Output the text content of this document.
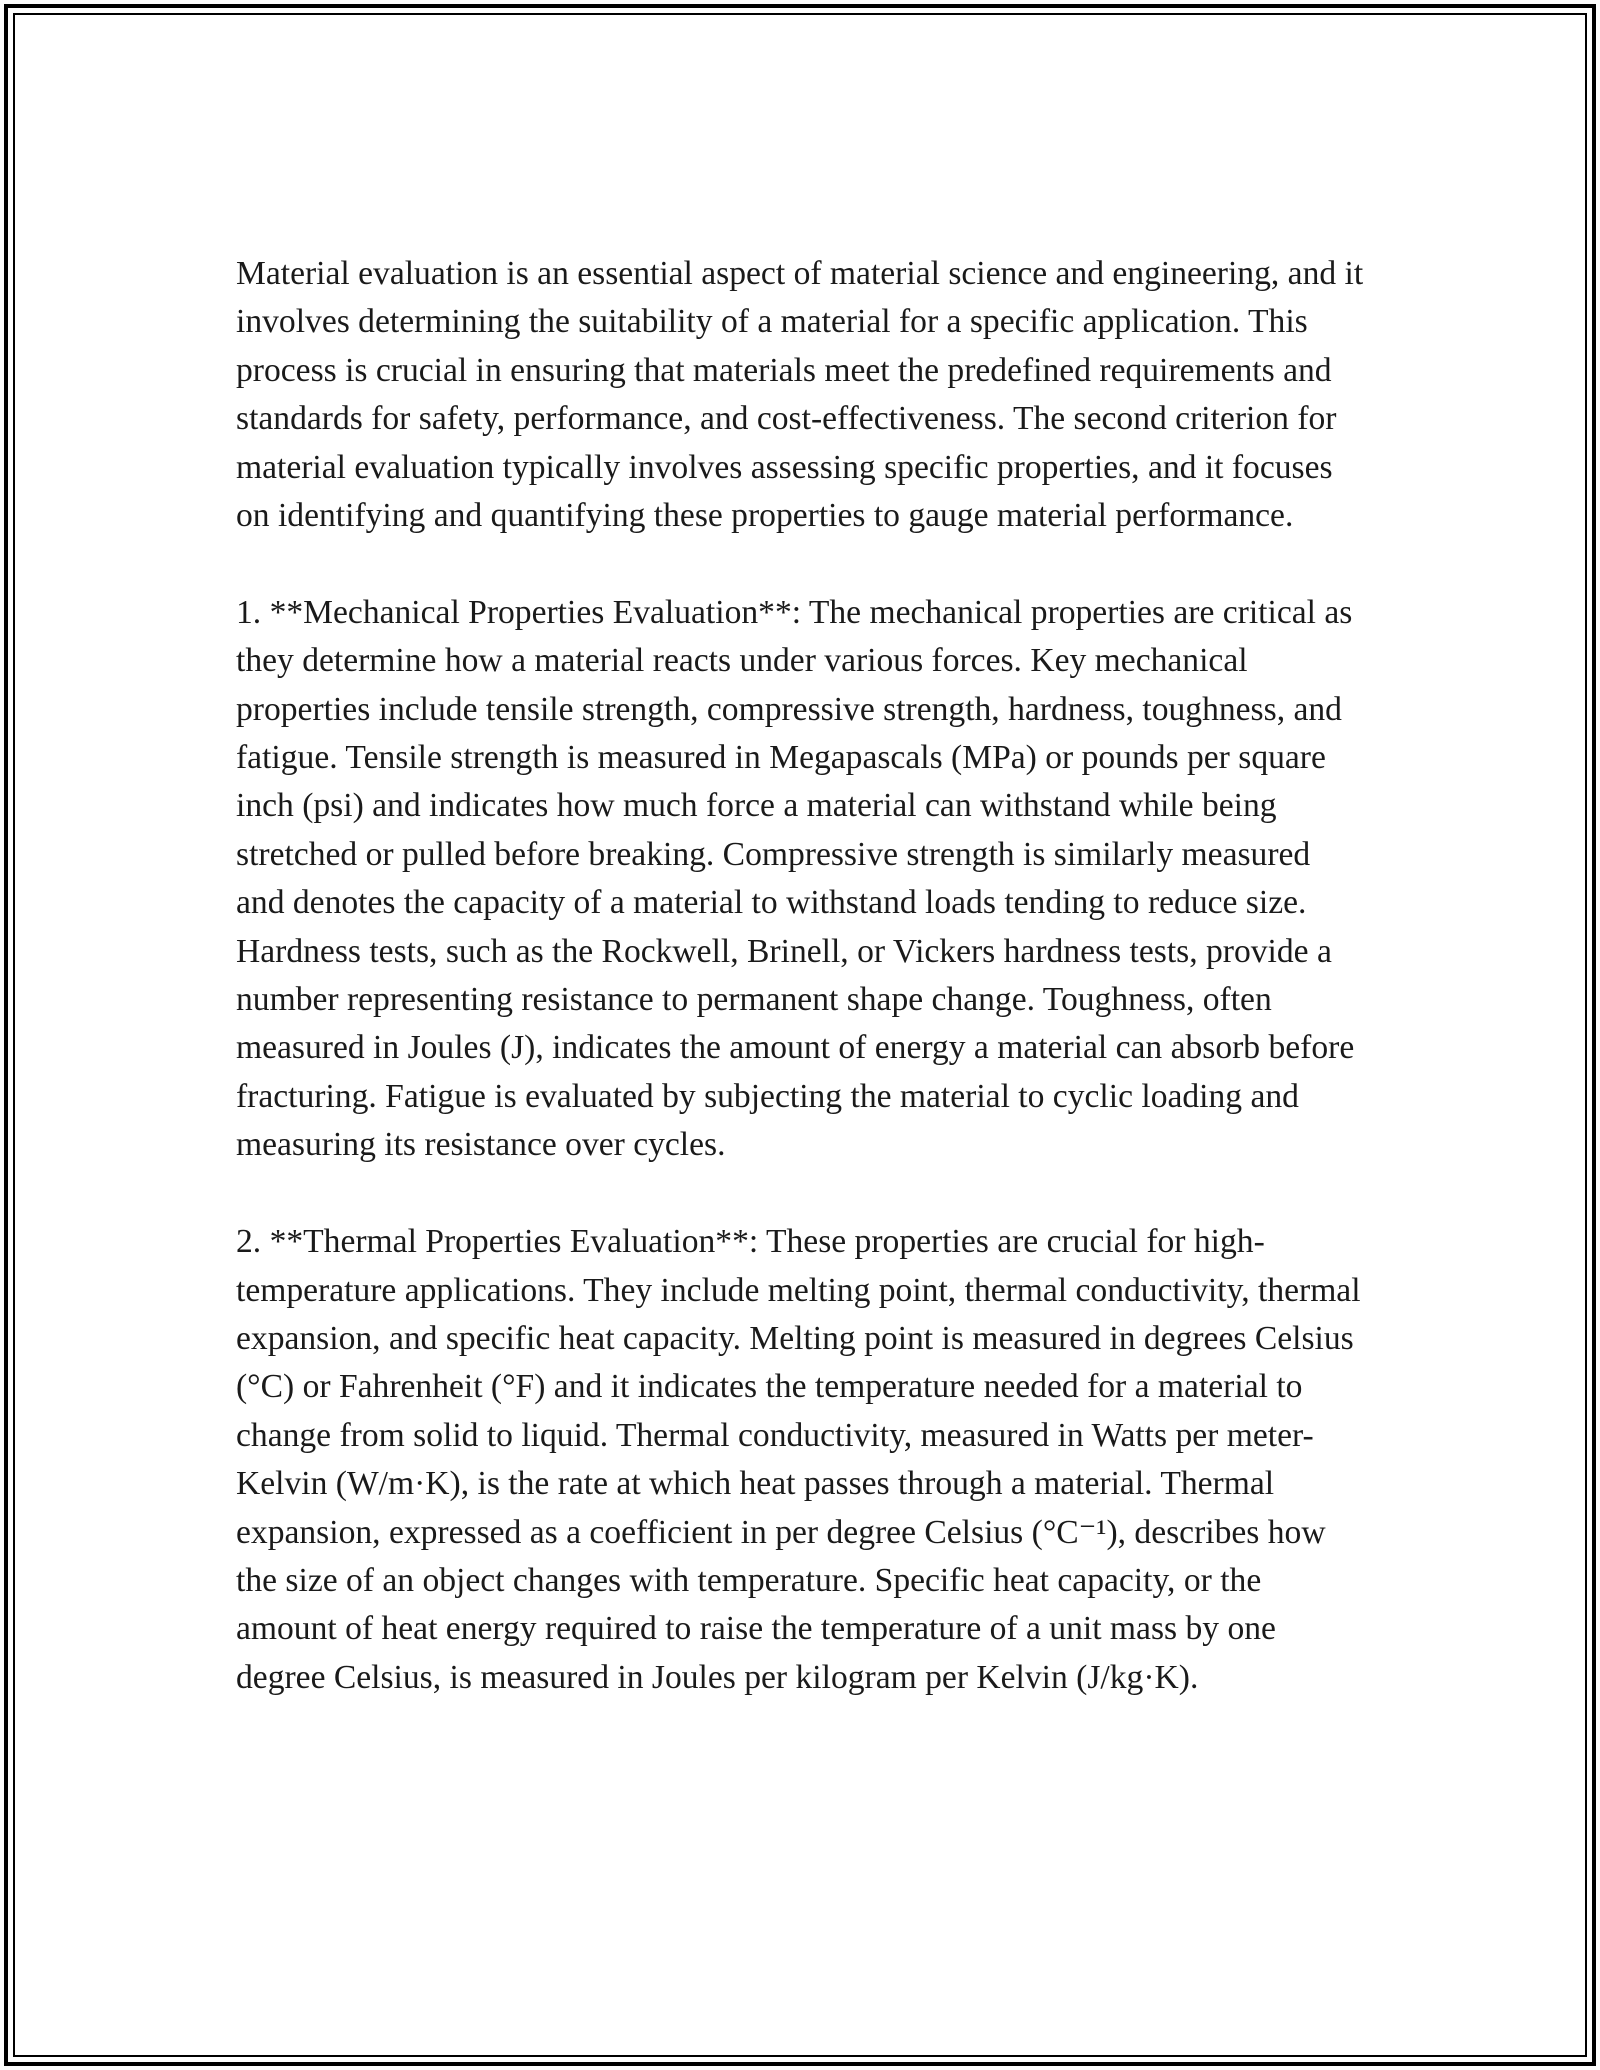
Material evaluation is an essential aspect of material science and engineering, and it involves determining the suitability of a material for a specific application. This process is crucial in ensuring that materials meet the predefined requirements and standards for safety, performance, and cost-effectiveness. The second criterion for material evaluation typically involves assessing specific properties, and it focuses on identifying and quantifying these properties to gauge material performance.

1. **Mechanical Properties Evaluation**: The mechanical properties are critical as they determine how a material reacts under various forces. Key mechanical properties include tensile strength, compressive strength, hardness, toughness, and fatigue. Tensile strength is measured in Megapascals (MPa) or pounds per square inch (psi) and indicates how much force a material can withstand while being stretched or pulled before breaking. Compressive strength is similarly measured and denotes the capacity of a material to withstand loads tending to reduce size. Hardness tests, such as the Rockwell, Brinell, or Vickers hardness tests, provide a number representing resistance to permanent shape change. Toughness, often measured in Joules (J), indicates the amount of energy a material can absorb before fracturing. Fatigue is evaluated by subjecting the material to cyclic loading and measuring its resistance over cycles.

2. **Thermal Properties Evaluation**: These properties are crucial for high-temperature applications. They include melting point, thermal conductivity, thermal expansion, and specific heat capacity. Melting point is measured in degrees Celsius (°C) or Fahrenheit (°F) and it indicates the temperature needed for a material to change from solid to liquid. Thermal conductivity, measured in Watts per meter-Kelvin (W/m·K), is the rate at which heat passes through a material. Thermal expansion, expressed as a coefficient in per degree Celsius (°C⁻¹), describes how the size of an object changes with temperature. Specific heat capacity, or the amount of heat energy required to raise the temperature of a unit mass by one degree Celsius, is measured in Joules per kilogram per Kelvin (J/kg·K).
